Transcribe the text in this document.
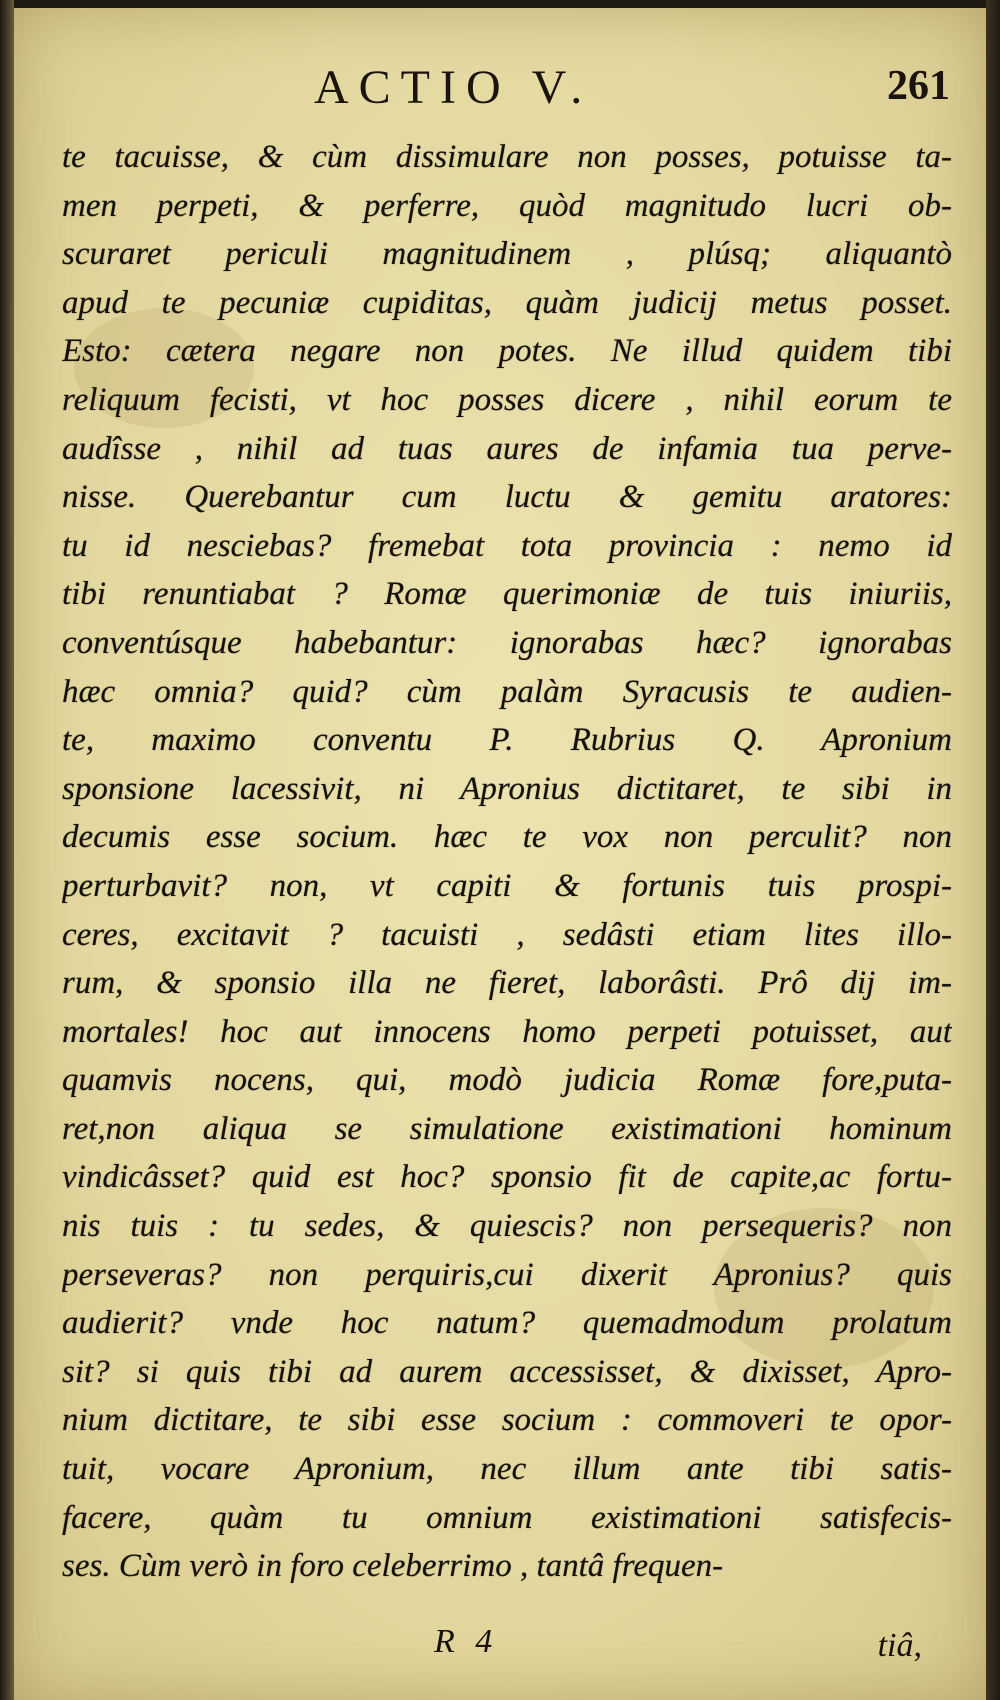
ACTIO V.	261
te tacuisse, & cùm dissimulare non posses, potuisse ta-
men perpeti, & perferre, quòd magnitudo lucri ob-
scuraret periculi magnitudinem , plúsq; aliquantò
apud te pecuniæ cupiditas, quàm judicij metus posset.
Esto: cætera negare non potes. Ne illud quidem tibi
reliquum fecisti, vt hoc posses dicere , nihil eorum te
audîsse , nihil ad tuas aures de infamia tua perve-
nisse. Querebantur cum luctu & gemitu aratores:
tu id nesciebas? fremebat tota provincia : nemo id
tibi renuntiabat ? Romæ querimoniæ de tuis iniuriis,
conventúsque habebantur: ignorabas hæc? ignorabas
hæc omnia? quid? cùm palàm Syracusis te audien-
te, maximo conventu P. Rubrius Q. Apronium
sponsione lacessivit, ni Apronius dictitaret, te sibi in
decumis esse socium. hæc te vox non perculit? non
perturbavit? non, vt capiti & fortunis tuis prospi-
ceres, excitavit ? tacuisti , sedâsti etiam lites illo-
rum, & sponsio illa ne fieret, laborâsti. Prô dij im-
mortales! hoc aut innocens homo perpeti potuisset, aut
quamvis nocens, qui, modò judicia Romæ fore,puta-
ret,non aliqua se simulatione existimationi hominum
vindicâsset? quid est hoc? sponsio fit de capite,ac fortu-
nis tuis : tu sedes, & quiescis? non persequeris? non
perseveras? non perquiris,cui dixerit Apronius? quis
audierit? vnde hoc natum? quemadmodum prolatum
sit? si quis tibi ad aurem accessisset, & dixisset, Apro-
nium dictitare, te sibi esse socium : commoveri te opor-
tuit, vocare Apronium, nec illum ante tibi satis-
facere, quàm tu omnium existimationi satisfecis-
ses. Cùm verò in foro celeberrimo , tantâ frequen-
R 4	tiâ,
